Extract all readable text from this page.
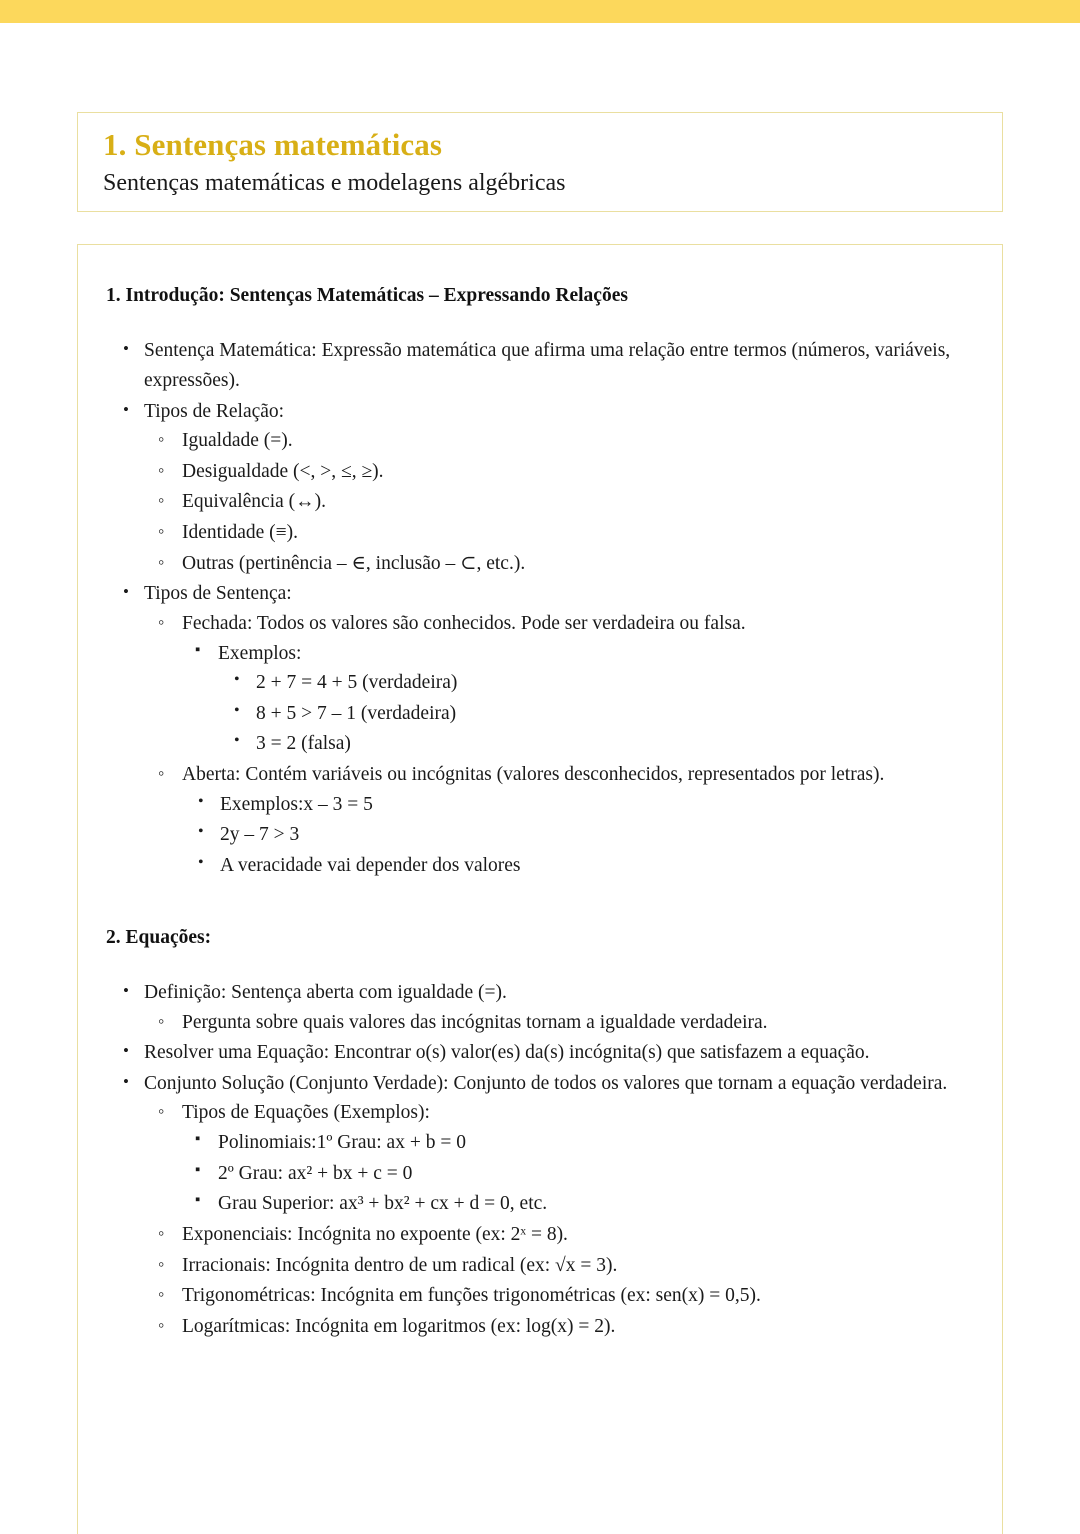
1. Sentenças matemáticas
Sentenças matemáticas e modelagens algébricas
1. Introdução: Sentenças Matemáticas – Expressando Relações
• Sentença Matemática: Expressão matemática que afirma uma relação entre termos (números, variáveis, expressões).
• Tipos de Relação:
◦ Igualdade (=).
◦ Desigualdade (<, >, ≤, ≥).
◦ Equivalência (↔).
◦ Identidade (≡).
◦ Outras (pertinência – ∈, inclusão – ⊂, etc.).
• Tipos de Sentença:
◦ Fechada: Todos os valores são conhecidos. Pode ser verdadeira ou falsa.
▪ Exemplos:
• 2 + 7 = 4 + 5 (verdadeira)
• 8 + 5 > 7 – 1 (verdadeira)
• 3 = 2 (falsa)
◦ Aberta: Contém variáveis ou incógnitas (valores desconhecidos, representados por letras).
• Exemplos:x – 3 = 5
• 2y – 7 > 3
• A veracidade vai depender dos valores
2. Equações:
• Definição: Sentença aberta com igualdade (=).
◦ Pergunta sobre quais valores das incógnitas tornam a igualdade verdadeira.
• Resolver uma Equação: Encontrar o(s) valor(es) da(s) incógnita(s) que satisfazem a equação.
• Conjunto Solução (Conjunto Verdade): Conjunto de todos os valores que tornam a equação verdadeira.
◦ Tipos de Equações (Exemplos):
▪ Polinomiais:1º Grau: ax + b = 0
▪ 2º Grau: ax² + bx + c = 0
▪ Grau Superior: ax³ + bx² + cx + d = 0, etc.
◦ Exponenciais: Incógnita no expoente (ex: 2ˣ = 8).
◦ Irracionais: Incógnita dentro de um radical (ex: √x = 3).
◦ Trigonométricas: Incógnita em funções trigonométricas (ex: sen(x) = 0,5).
◦ Logarítmicas: Incógnita em logaritmos (ex: log(x) = 2).
